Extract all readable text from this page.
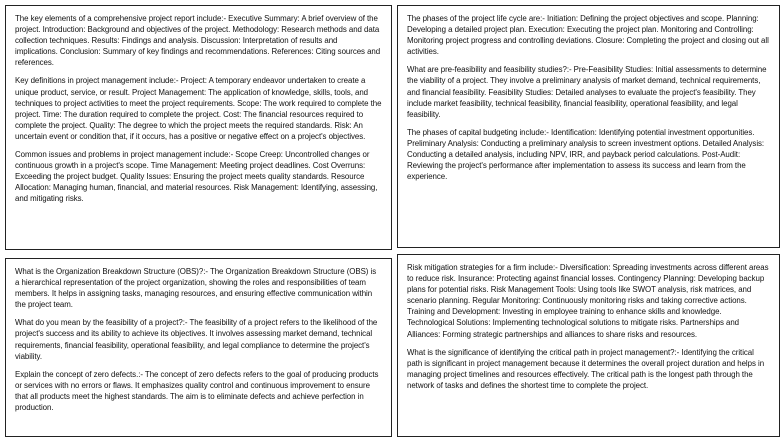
The key elements of a comprehensive project report include:- Executive Summary: A brief overview of the project. Introduction: Background and objectives of the project. Methodology: Research methods and data collection techniques. Results: Findings and analysis. Discussion: Interpretation of results and implications. Conclusion: Summary of key findings and recommendations. References: Citing sources and references.

Key definitions in project management include:- Project: A temporary endeavor undertaken to create a unique product, service, or result. Project Management: The application of knowledge, skills, tools, and techniques to project activities to meet the project requirements. Scope: The work required to complete the project. Time: The duration required to complete the project. Cost: The financial resources required to complete the project. Quality: The degree to which the project meets the required standards. Risk: An uncertain event or condition that, if it occurs, has a positive or negative effect on a project's objectives.

Common issues and problems in project management include:- Scope Creep: Uncontrolled changes or continuous growth in a project's scope. Time Management: Meeting project deadlines. Cost Overruns: Exceeding the project budget. Quality Issues: Ensuring the project meets quality standards. Resource Allocation: Managing human, financial, and material resources. Risk Management: Identifying, assessing, and mitigating risks.

The phases of the project life cycle are:- Initiation: Defining the project objectives and scope. Planning: Developing a detailed project plan. Execution: Executing the project plan. Monitoring and Controlling: Monitoring project progress and controlling deviations. Closure: Completing the project and closing out all activities.

What are pre-feasibility and feasibility studies?:- Pre-Feasibility Studies: Initial assessments to determine the viability of a project. They involve a preliminary analysis of market demand, technical requirements, and financial feasibility. Feasibility Studies: Detailed analyses to evaluate the project's feasibility. They include market feasibility, technical feasibility, financial feasibility, operational feasibility, and legal feasibility.

The phases of capital budgeting include:- Identification: Identifying potential investment opportunities. Preliminary Analysis: Conducting a preliminary analysis to screen investment options. Detailed Analysis: Conducting a detailed analysis, including NPV, IRR, and payback period calculations. Post-Audit: Reviewing the project's performance after implementation to assess its success and learn from the experience.

What is the Organization Breakdown Structure (OBS)?:- The Organization Breakdown Structure (OBS) is a hierarchical representation of the project organization, showing the roles and responsibilities of team members. It helps in assigning tasks, managing resources, and ensuring effective communication within the project team.

What do you mean by the feasibility of a project?:- The feasibility of a project refers to the likelihood of the project's success and its ability to achieve its objectives. It involves assessing market demand, technical requirements, financial feasibility, operational feasibility, and legal compliance to determine the project's viability.

Explain the concept of zero defects.:- The concept of zero defects refers to the goal of producing products or services with no errors or flaws. It emphasizes quality control and continuous improvement to ensure that all products meet the highest standards. The aim is to eliminate defects and achieve perfection in production.

Risk mitigation strategies for a firm include:- Diversification: Spreading investments across different areas to reduce risk. Insurance: Protecting against financial losses. Contingency Planning: Developing backup plans for potential risks. Risk Management Tools: Using tools like SWOT analysis, risk matrices, and scenario planning. Regular Monitoring: Continuously monitoring risks and taking corrective actions. Training and Development: Investing in employee training to enhance skills and knowledge. Technological Solutions: Implementing technological solutions to mitigate risks. Partnerships and Alliances: Forming strategic partnerships and alliances to share risks and resources.

What is the significance of identifying the critical path in project management?:- Identifying the critical path is significant in project management because it determines the overall project duration and helps in managing project timelines and resources effectively. The critical path is the longest path through the network of tasks and defines the shortest time to complete the project.
